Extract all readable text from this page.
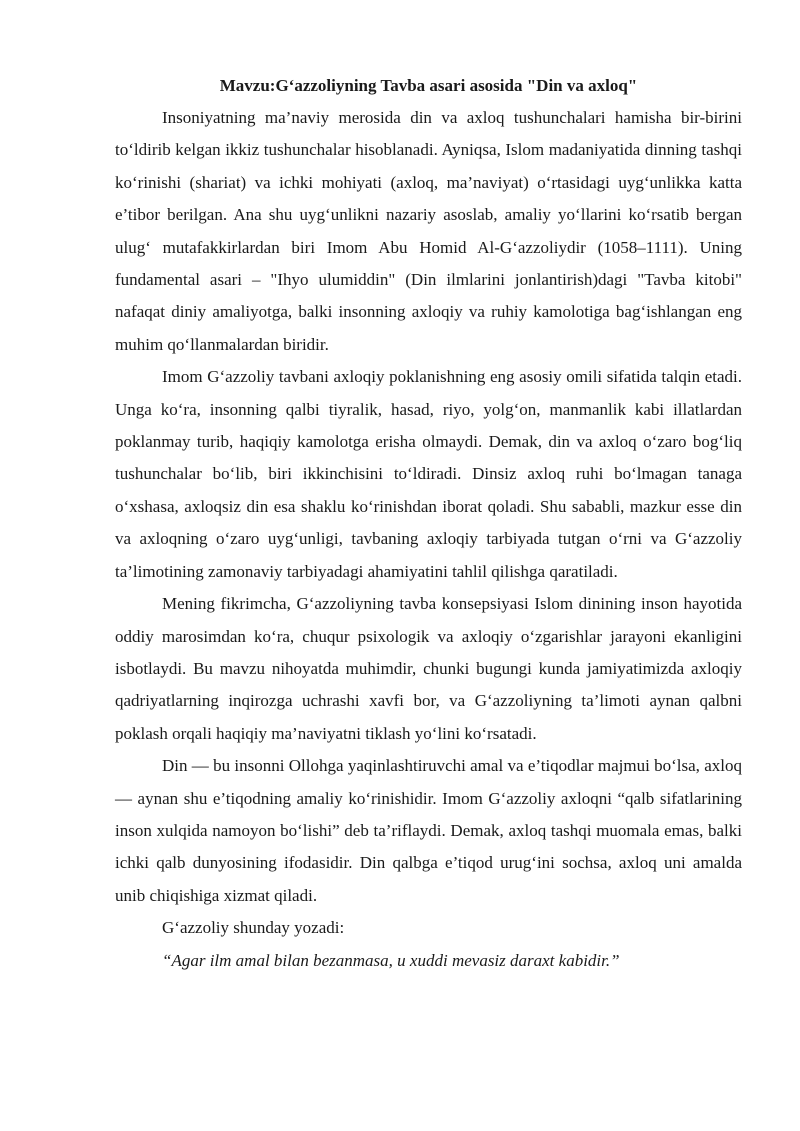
Mavzu:G‘azzoliyning Tavba asari asosida "Din va axloq"

Insoniyatning ma’naviy merosida din va axloq tushunchalari hamisha bir-birini to‘ldirib kelgan ikkiz tushunchalar hisoblanadi. Ayniqsa, Islom madaniyatida dinning tashqi ko‘rinishi (shariat) va ichki mohiyati (axloq, ma’naviyat) o‘rtasidagi uyg‘unlikka katta e’tibor berilgan. Ana shu uyg‘unlikni nazariy asoslab, amaliy yo‘llarini ko‘rsatib bergan ulug‘ mutafakkirlardan biri Imom Abu Homid Al-G‘azzoliydir (1058–1111). Uning fundamental asari – "Ihyo ulumiddin" (Din ilmlarini jonlantirish)dagi "Tavba kitobi" nafaqat diniy amaliyotga, balki insonning axloqiy va ruhiy kamolotiga bag‘ishlangan eng muhim qo‘llanmalardan biridir.

Imom G‘azzoliy tavbani axloqiy poklanishning eng asosiy omili sifatida talqin etadi. Unga ko‘ra, insonning qalbi tiyralik, hasad, riyo, yolg‘on, manmanlik kabi illatlardan poklanmay turib, haqiqiy kamolotga erisha olmaydi. Demak, din va axloq o‘zaro bog‘liq tushunchalar bo‘lib, biri ikkinchisini to‘ldiradi. Dinsiz axloq ruhi bo‘lmagan tanaga o‘xshasa, axloqsiz din esa shaklu ko‘rinishdan iborat qoladi. Shu sababli, mazkur esse din va axloqning o‘zaro uyg‘unligi, tavbaning axloqiy tarbiyada tutgan o‘rni va G‘azzoliy ta’limotining zamonaviy tarbiyadagi ahamiyatini tahlil qilishga qaratiladi.

Mening fikrimcha, G‘azzoliyning tavba konsepsiyasi Islom dinining inson hayotida oddiy marosimdan ko‘ra, chuqur psixologik va axloqiy o‘zgarishlar jarayoni ekanligini isbotlaydi. Bu mavzu nihoyatda muhimdir, chunki bugungi kunda jamiyatimizda axloqiy qadriyatlarning inqirozga uchrashi xavfi bor, va G‘azzoliyning ta’limoti aynan qalbni poklash orqali haqiqiy ma’naviyatni tiklash yo‘lini ko‘rsatadi.

Din — bu insonni Ollohga yaqinlashtiruvchi amal va e’tiqodlar majmui bo‘lsa, axloq — aynan shu e’tiqodning amaliy ko‘rinishidir. Imom G‘azzoliy axloqni “qalb sifatlarining inson xulqida namoyon bo‘lishi” deb ta’riflaydi. Demak, axloq tashqi muomala emas, balki ichki qalb dunyosining ifodasidir. Din qalbga e’tiqod urug‘ini sochsa, axloq uni amalda unib chiqishiga xizmat qiladi.

G‘azzoliy shunday yozadi:

“Agar ilm amal bilan bezanmasa, u xuddi mevasiz daraxt kabidir.”
